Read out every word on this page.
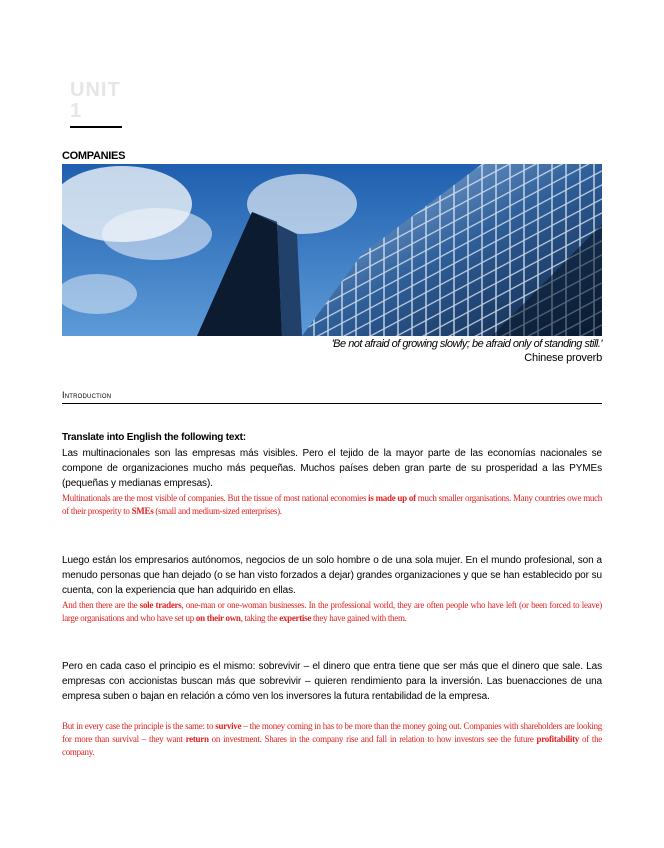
UNIT
1
COMPANIES
'Be not afraid of growing slowly; be afraid only of standing still.'
Chinese proverb
Introduction
Translate into English the following text:
Las multinacionales son las empresas más visibles. Pero el tejido de la mayor parte de las economías nacionales se compone de organizaciones mucho más pequeñas. Muchos países deben gran parte de su prosperidad a las PYMEs (pequeñas y medianas empresas).
Multinationals are the most visible of companies. But the tissue of most national economies is made up of much smaller organisations. Many countries owe much of their prosperity to SMEs (small and medium-sized enterprises).
Luego están los empresarios autónomos, negocios de un solo hombre o de una sola mujer. En el mundo profesional, son a menudo personas que han dejado (o se han visto forzados a dejar) grandes organizaciones y que se han establecido por su cuenta, con la experiencia que han adquirido en ellas.
And then there are the sole traders, one-man or one-woman businesses. In the professional world, they are often people who have left (or been forced to leave) large organisations and who have set up on their own, taking the expertise they have gained with them.
Pero en cada caso el principio es el mismo: sobrevivir – el dinero que entra tiene que ser más que el dinero que sale. Las empresas con accionistas buscan más que sobrevivir – quieren rendimiento para la inversión. Las buenacciones de una empresa suben o bajan en relación a cómo ven los inversores la futura rentabilidad de la empresa.
But in every case the principle is the same: to survive – the money coming in has to be more than the money going out. Companies with shareholders are looking for more than survival – they want return on investment. Shares in the company rise and fall in relation to how investors see the future profitability of the company.
